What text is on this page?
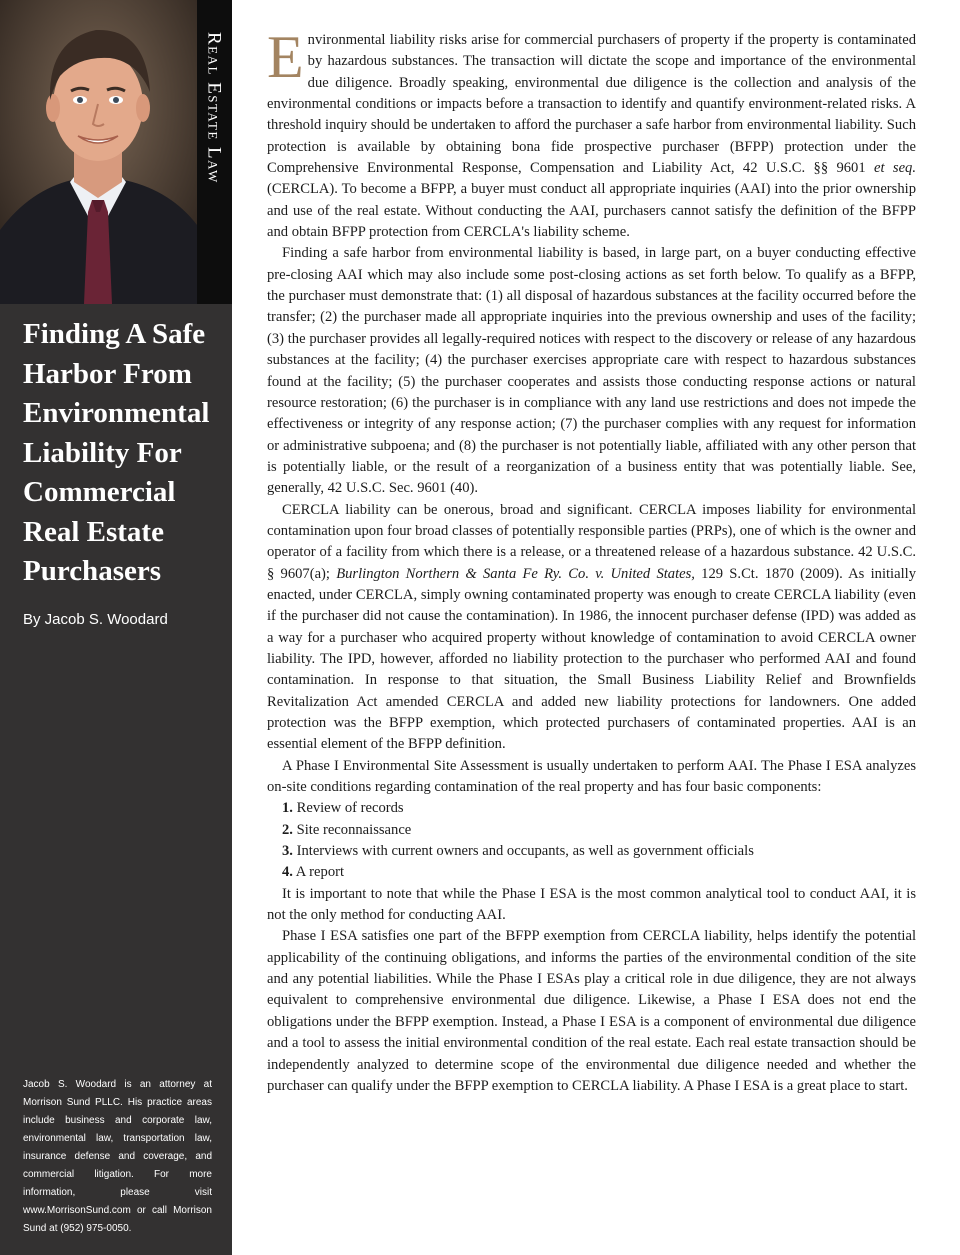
Real Estate Law
Finding A Safe Harbor From Environmental Liability For Commercial Real Estate Purchasers
By Jacob S. Woodard

Jacob S. Woodard is an attorney at Morrison Sund PLLC. His practice areas include business and corporate law, environmental law, transportation law, insurance defense and coverage, and commercial litigation. For more information, please visit www.MorrisonSund.com or call Morrison Sund at (952) 975-0050.

Environmental liability risks arise for commercial purchasers of property if the property is contaminated by hazardous substances. The transaction will dictate the scope and importance of the environmental due diligence. Broadly speaking, environmental due diligence is the collection and analysis of the environmental conditions or impacts before a transaction to identify and quantify environment-related risks. A threshold inquiry should be undertaken to afford the purchaser a safe harbor from environmental liability. Such protection is available by obtaining bona fide prospective purchaser (BFPP) protection under the Comprehensive Environmental Response, Compensation and Liability Act, 42 U.S.C. §§ 9601 et seq. (CERCLA). To become a BFPP, a buyer must conduct all appropriate inquiries (AAI) into the prior ownership and use of the real estate. Without conducting the AAI, purchasers cannot satisfy the definition of the BFPP and obtain BFPP protection from CERCLA's liability scheme.

Finding a safe harbor from environmental liability is based, in large part, on a buyer conducting effective pre-closing AAI which may also include some post-closing actions as set forth below. To qualify as a BFPP, the purchaser must demonstrate that: (1) all disposal of hazardous substances at the facility occurred before the transfer; (2) the purchaser made all appropriate inquiries into the previous ownership and uses of the facility; (3) the purchaser provides all legally-required notices with respect to the discovery or release of any hazardous substances at the facility; (4) the purchaser exercises appropriate care with respect to hazardous substances found at the facility; (5) the purchaser cooperates and assists those conducting response actions or natural resource restoration; (6) the purchaser is in compliance with any land use restrictions and does not impede the effectiveness or integrity of any response action; (7) the purchaser complies with any request for information or administrative subpoena; and (8) the purchaser is not potentially liable, affiliated with any other person that is potentially liable, or the result of a reorganization of a business entity that was potentially liable. See, generally, 42 U.S.C. Sec. 9601 (40).

CERCLA liability can be onerous, broad and significant. CERCLA imposes liability for environmental contamination upon four broad classes of potentially responsible parties (PRPs), one of which is the owner and operator of a facility from which there is a release, or a threatened release of a hazardous substance. 42 U.S.C. § 9607(a); Burlington Northern & Santa Fe Ry. Co. v. United States, 129 S.Ct. 1870 (2009). As initially enacted, under CERCLA, simply owning contaminated property was enough to create CERCLA liability (even if the purchaser did not cause the contamination). In 1986, the innocent purchaser defense (IPD) was added as a way for a purchaser who acquired property without knowledge of contamination to avoid CERCLA owner liability. The IPD, however, afforded no liability protection to the purchaser who performed AAI and found contamination. In response to that situation, the Small Business Liability Relief and Brownfields Revitalization Act amended CERCLA and added new liability protections for landowners. One added protection was the BFPP exemption, which protected purchasers of contaminated properties. AAI is an essential element of the BFPP definition.

A Phase I Environmental Site Assessment is usually undertaken to perform AAI. The Phase I ESA analyzes on-site conditions regarding contamination of the real property and has four basic components:

1. Review of records
2. Site reconnaissance
3. Interviews with current owners and occupants, as well as government officials
4. A report

It is important to note that while the Phase I ESA is the most common analytical tool to conduct AAI, it is not the only method for conducting AAI.

Phase I ESA satisfies one part of the BFPP exemption from CERCLA liability, helps identify the potential applicability of the continuing obligations, and informs the parties of the environmental condition of the site and any potential liabilities. While the Phase I ESAs play a critical role in due diligence, they are not always equivalent to comprehensive environmental due diligence. Likewise, a Phase I ESA does not end the obligations under the BFPP exemption. Instead, a Phase I ESA is a component of environmental due diligence and a tool to assess the initial environmental condition of the real estate. Each real estate transaction should be independently analyzed to determine scope of the environmental due diligence needed and whether the purchaser can qualify under the BFPP exemption to CERCLA liability. A Phase I ESA is a great place to start.
